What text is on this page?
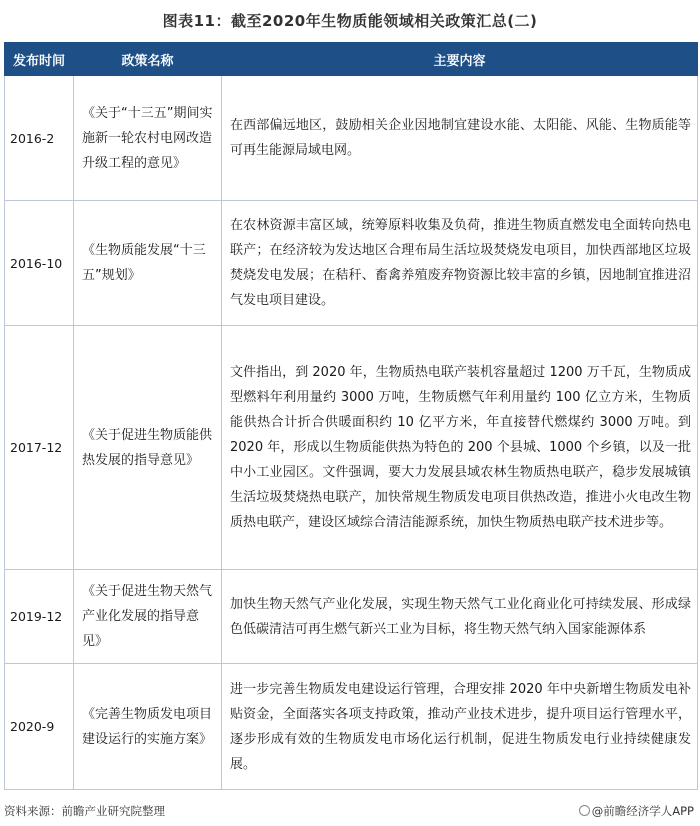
图表11：截至2020年生物质能领域相关政策汇总(二)
发布时间	政策名称	主要内容
2016-2	《关于“十三五”期间实施新一轮农村电网改造升级工程的意见》	在西部偏远地区，鼓励相关企业因地制宜建设水能、太阳能、风能、生物质能等可再生能源局域电网。
2016-10	《生物质能发展“十三五”规划》	在农林资源丰富区域，统筹原料收集及负荷，推进生物质直燃发电全面转向热电联产；在经济较为发达地区合理布局生活垃圾焚烧发电项目，加快西部地区垃圾焚烧发电发展；在秸秆、畜禽养殖废弃物资源比较丰富的乡镇，因地制宜推进沼气发电项目建设。
2017-12	《关于促进生物质能供热发展的指导意见》	文件指出，到 2020 年，生物质热电联产装机容量超过 1200 万千瓦，生物质成型燃料年利用量约 3000 万吨，生物质燃气年利用量约 100 亿立方米，生物质能供热合计折合供暖面积约 10 亿平方米，年直接替代燃煤约 3000 万吨。到 2020 年，形成以生物质能供热为特色的 200 个县城、1000 个乡镇，以及一批中小工业园区。文件强调，要大力发展县域农林生物质热电联产，稳步发展城镇生活垃圾焚烧热电联产，加快常规生物质发电项目供热改造，推进小火电改生物质热电联产，建设区域综合清洁能源系统，加快生物质热电联产技术进步等。
2019-12	《关于促进生物天然气产业化发展的指导意见》	加快生物天然气产业化发展，实现生物天然气工业化商业化可持续发展、形成绿色低碳清洁可再生燃气新兴工业为目标，将生物天然气纳入国家能源体系
2020-9	《完善生物质发电项目建设运行的实施方案》	进一步完善生物质发电建设运行管理，合理安排 2020 年中央新增生物质发电补贴资金，全面落实各项支持政策，推动产业技术进步，提升项目运行管理水平，逐步形成有效的生物质发电市场化运行机制，促进生物质发电行业持续健康发展。
资料来源：前瞻产业研究院整理	@前瞻经济学人APP
